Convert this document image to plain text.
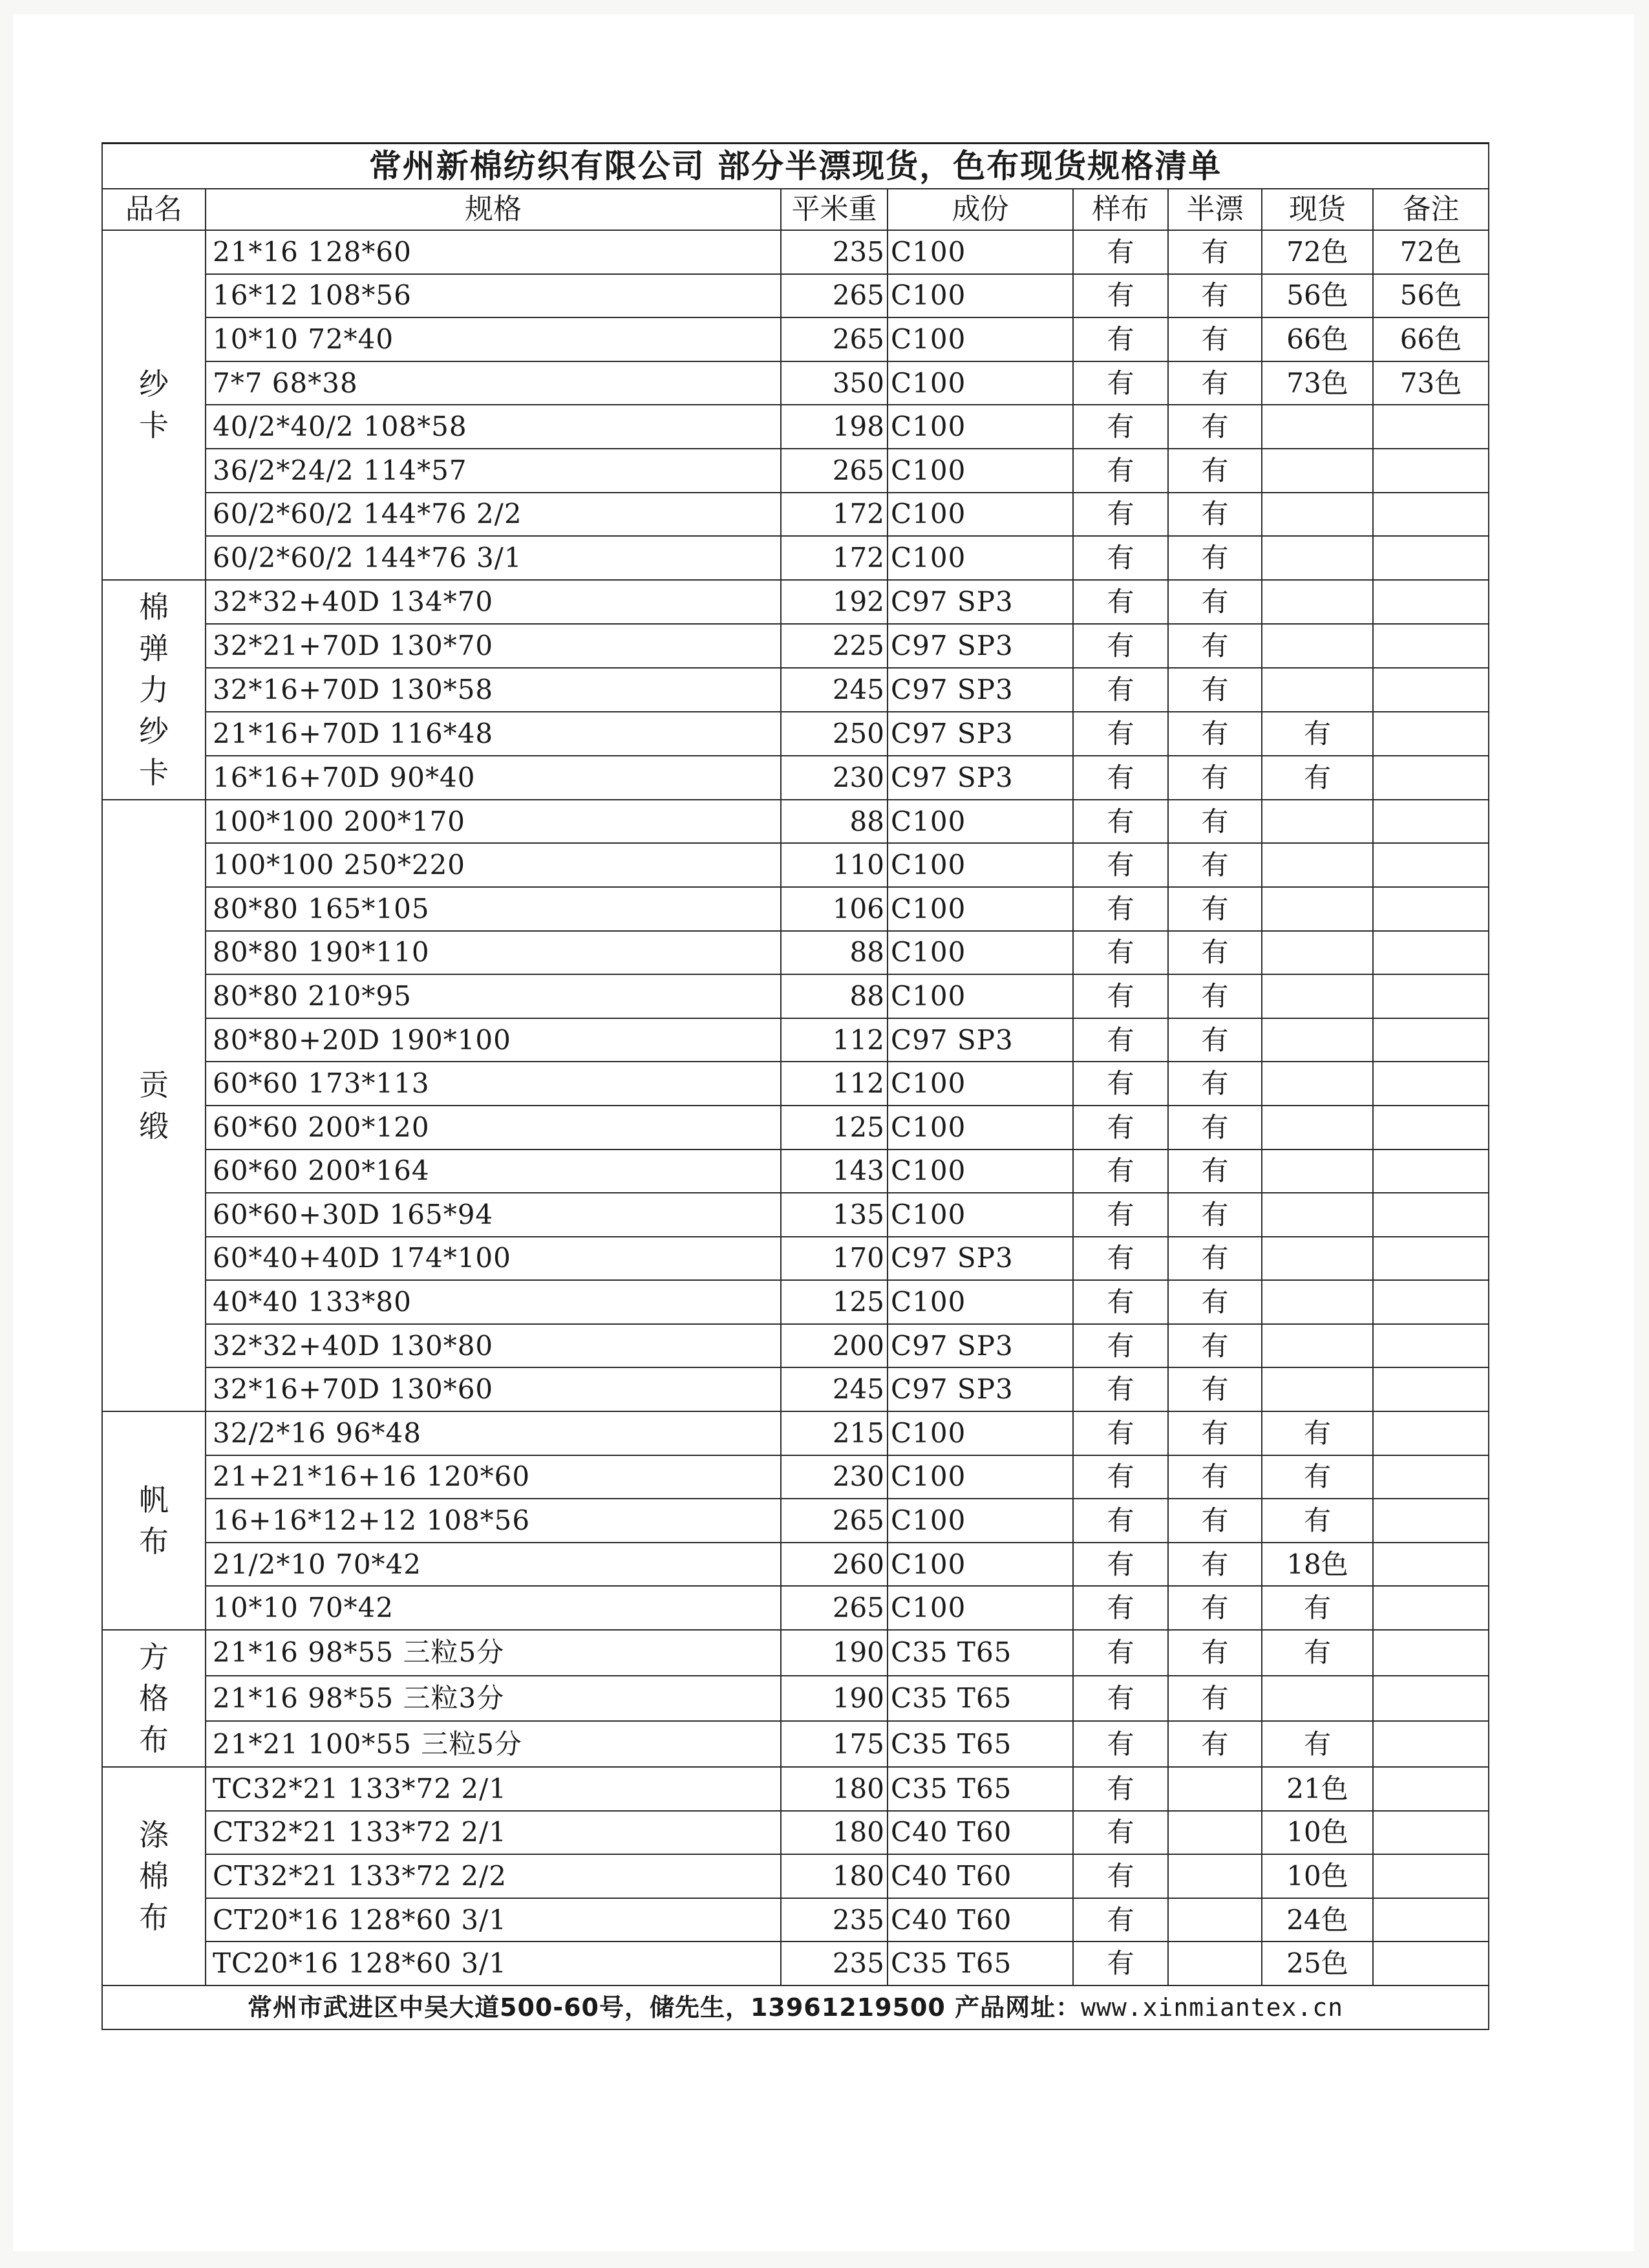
常州新棉纺织有限公司 部分半漂现货，色布现货规格清单							
品名	规格	平米重	成份	样布	半漂	现货	备注

纱
卡	21*16 128*60	235	C100	有	有	72色	72色
	16*12 108*56	265	C100	有	有	56色	56色
	10*10 72*40	265	C100	有	有	66色	66色
	7*7 68*38	350	C100	有	有	73色	73色
	40/2*40/2 108*58	198	C100	有	有		
	36/2*24/2 114*57	265	C100	有	有		
	60/2*60/2 144*76 2/2	172	C100	有	有		
	60/2*60/2 144*76 3/1	172	C100	有	有		

棉
弹
力
纱
卡	32*32+40D 134*70	192	C97 SP3	有	有		
	32*21+70D 130*70	225	C97 SP3	有	有		
	32*16+70D 130*58	245	C97 SP3	有	有		
	21*16+70D 116*48	250	C97 SP3	有	有	有	
	16*16+70D 90*40	230	C97 SP3	有	有	有	

贡
缎	100*100 200*170	88	C100	有	有		
	100*100 250*220	110	C100	有	有		
	80*80 165*105	106	C100	有	有		
	80*80 190*110	88	C100	有	有		
	80*80 210*95	88	C100	有	有		
	80*80+20D 190*100	112	C97 SP3	有	有		
	60*60 173*113	112	C100	有	有		
	60*60 200*120	125	C100	有	有		
	60*60 200*164	143	C100	有	有		
	60*60+30D 165*94	135	C100	有	有		
	60*40+40D 174*100	170	C97 SP3	有	有		
	40*40 133*80	125	C100	有	有		
	32*32+40D 130*80	200	C97 SP3	有	有		
	32*16+70D 130*60	245	C97 SP3	有	有		

帆
布	32/2*16 96*48	215	C100	有	有	有	
	21+21*16+16 120*60	230	C100	有	有	有	
	16+16*12+12 108*56	265	C100	有	有	有	
	21/2*10 70*42	260	C100	有	有	18色	
	10*10 70*42	265	C100	有	有	有	

方
格
布	21*16 98*55 三粒5分	190	C35 T65	有	有	有	
	21*16 98*55 三粒3分	190	C35 T65	有	有		
	21*21 100*55 三粒5分	175	C35 T65	有	有	有	

涤
棉
布	TC32*21 133*72 2/1	180	C35 T65	有		21色	
	CT32*21 133*72 2/1	180	C40 T60	有		10色	
	CT32*21 133*72 2/2	180	C40 T60	有		10色	
	CT20*16 128*60 3/1	235	C40 T60	有		24色	
	TC20*16 128*60 3/1	235	C35 T65	有		25色	
常州市武进区中吴大道500-60号，储先生，13961219500 产品网址：www.xinmiantex.cn							
